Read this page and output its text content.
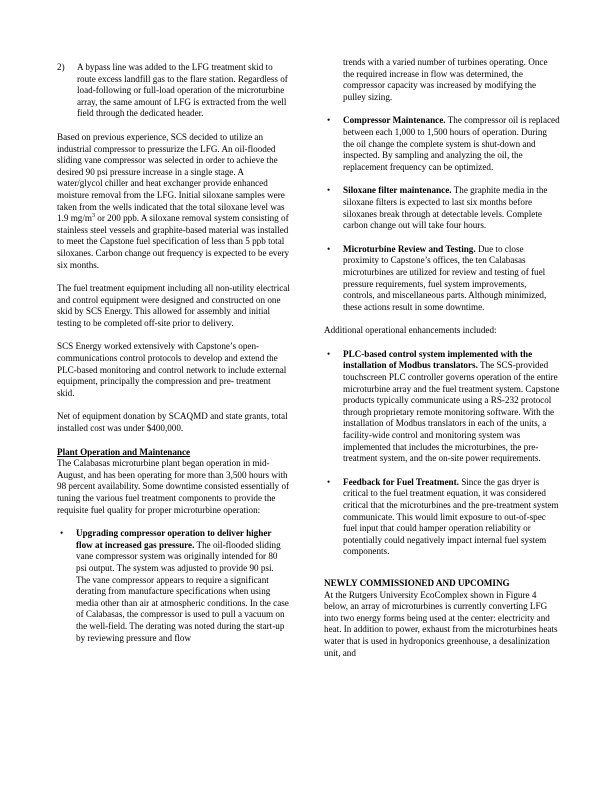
2)	A bypass line was added to the LFG treatment skid to route excess landfill gas to the flare station. Regardless of load-following or full-load operation of the microturbine array, the same amount of LFG is extracted from the well field through the dedicated header.

Based on previous experience, SCS decided to utilize an industrial compressor to pressurize the LFG. An oil-flooded sliding vane compressor was selected in order to achieve the desired 90 psi pressure increase in a single stage. A water/glycol chiller and heat exchanger provide enhanced moisture removal from the LFG. Initial siloxane samples were taken from the wells indicated that the total siloxane level was 1.9 $mg/m^3$ or 200 ppb. A siloxane removal system consisting of stainless steel vessels and graphite-based material was installed to meet the Capstone fuel specification of less than 5 ppb total siloxanes. Carbon change out frequency is expected to be every six months.

The fuel treatment equipment including all non-utility electrical and control equipment were designed and constructed on one skid by SCS Energy. This allowed for assembly and initial testing to be completed off-site prior to delivery.

SCS Energy worked extensively with Capstone’s open-communications control protocols to develop and extend the PLC-based monitoring and control network to include external equipment, principally the compression and pre- treatment skid.

Net of equipment donation by SCAQMD and state grants, total installed cost was under $400,000.

Plant Operation and Maintenance

The Calabasas microturbine plant began operation in mid-August, and has been operating for more than 3,500 hours with 98 percent availability. Some downtime consisted essentially of tuning the various fuel treatment components to provide the requisite fuel quality for proper microturbine operation:

•	Upgrading compressor operation to deliver higher flow at increased gas pressure. The oil-flooded sliding vane compressor system was originally intended for 80 psi output. The system was adjusted to provide 90 psi. The vane compressor appears to require a significant derating from manufacture specifications when using media other than air at atmospheric conditions. In the case of Calabasas, the compressor is used to pull a vacuum on the well-field. The derating was noted during the start-up by reviewing pressure and flow
trends with a varied number of turbines operating. Once the required increase in flow was determined, the compressor capacity was increased by modifying the pulley sizing.
•	Compressor Maintenance. The compressor oil is replaced between each 1,000 to 1,500 hours of operation. During the oil change the complete system is shut-down and inspected. By sampling and analyzing the oil, the replacement frequency can be optimized.
•	Siloxane filter maintenance. The graphite media in the siloxane filters is expected to last six months before siloxanes break through at detectable levels. Complete carbon change out will take four hours.
•	Microturbine Review and Testing. Due to close proximity to Capstone’s offices, the ten Calabasas microturbines are utilized for review and testing of fuel pressure requirements, fuel system improvements, controls, and miscellaneous parts. Although minimized, these actions result in some downtime.

Additional operational enhancements included:

•	PLC-based control system implemented with the installation of Modbus translators. The SCS-provided touchscreen PLC controller governs operation of the entire microturbine array and the fuel treatment system. Capstone products typically communicate using a RS-232 protocol through proprietary remote monitoring software. With the installation of Modbus translators in each of the units, a facility-wide control and monitoring system was implemented that includes the microturbines, the pre-treatment system, and the on-site power requirements.
•	Feedback for Fuel Treatment. Since the gas dryer is critical to the fuel treatment equation, it was considered critical that the microturbines and the pre-treatment system communicate. This would limit exposure to out-of-spec fuel input that could hamper operation reliability or potentially could negatively impact internal fuel system components.
NEWLY COMMISSIONED AND UPCOMING

At the Rutgers University EcoComplex shown in Figure 4 below, an array of microturbines is currently converting LFG into two energy forms being used at the center: electricity and heat. In addition to power, exhaust from the microturbines heats water that is used in hydroponics greenhouse, a desalinization unit, and
